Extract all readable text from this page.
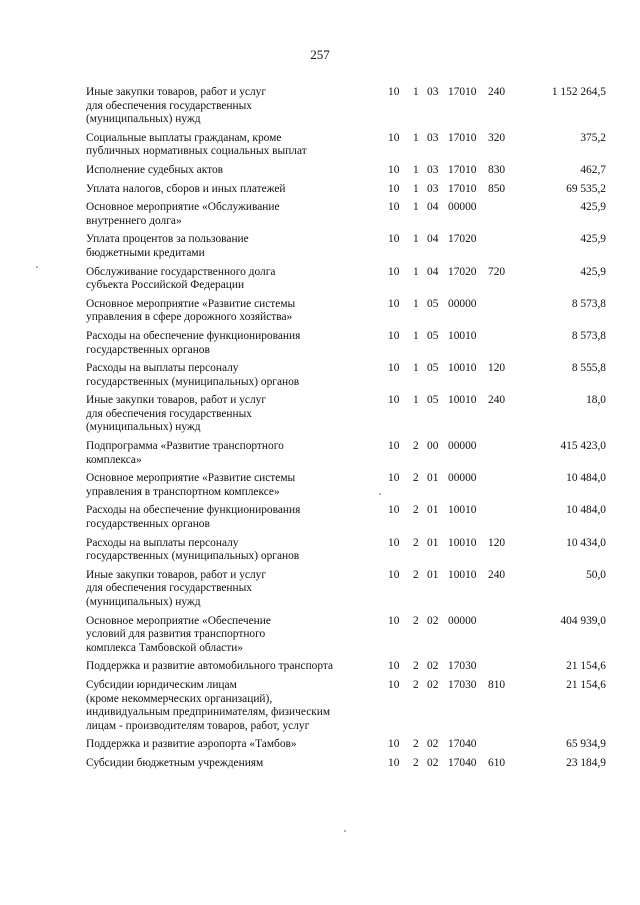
257
Иные закупки товаров, работ и услуг
для обеспечения государственных
(муниципальных) нужд	10	1	03	17010	240	1 152 264,5

Социальные выплаты гражданам, кроме
публичных нормативных социальных выплат	10	1	03	17010	320	375,2

Исполнение судебных актов	10	1	03	17010	830	462,7

Уплата налогов, сборов и иных платежей	10	1	03	17010	850	69 535,2

Основное мероприятие «Обслуживание
внутреннего долга»	10	1	04	00000		425,9

Уплата процентов за пользование
бюджетными кредитами	10	1	04	17020		425,9

Обслуживание государственного долга
субъекта Российской Федерации	10	1	04	17020	720	425,9

Основное мероприятие «Развитие системы
управления в сфере дорожного хозяйства»	10	1	05	00000		8 573,8

Расходы на обеспечение функционирования
государственных органов	10	1	05	10010		8 573,8

Расходы на выплаты персоналу
государственных (муниципальных) органов	10	1	05	10010	120	8 555,8

Иные закупки товаров, работ и услуг
для обеспечения государственных
(муниципальных) нужд	10	1	05	10010	240	18,0

Подпрограмма «Развитие транспортного
комплекса»	10	2	00	00000		415 423,0

Основное мероприятие «Развитие системы
управления в транспортном комплексе»	10	2	01	00000		10 484,0

Расходы на обеспечение функционирования
государственных органов	10	2	01	10010		10 484,0

Расходы на выплаты персоналу
государственных (муниципальных) органов	10	2	01	10010	120	10 434,0

Иные закупки товаров, работ и услуг
для обеспечения государственных
(муниципальных) нужд	10	2	01	10010	240	50,0

Основное мероприятие «Обеспечение
условий для развития транспортного
комплекса Тамбовской области»	10	2	02	00000		404 939,0

Поддержка и развитие автомобильного транспорта	10	2	02	17030		21 154,6

Субсидии юридическим лицам
(кроме некоммерческих организаций),
индивидуальным предпринимателям, физическим
лицам - производителям товаров, работ, услуг	10	2	02	17030	810	21 154,6

Поддержка и развитие аэропорта «Тамбов»	10	2	02	17040		65 934,9

Субсидии бюджетным учреждениям	10	2	02	17040	610	23 184,9
